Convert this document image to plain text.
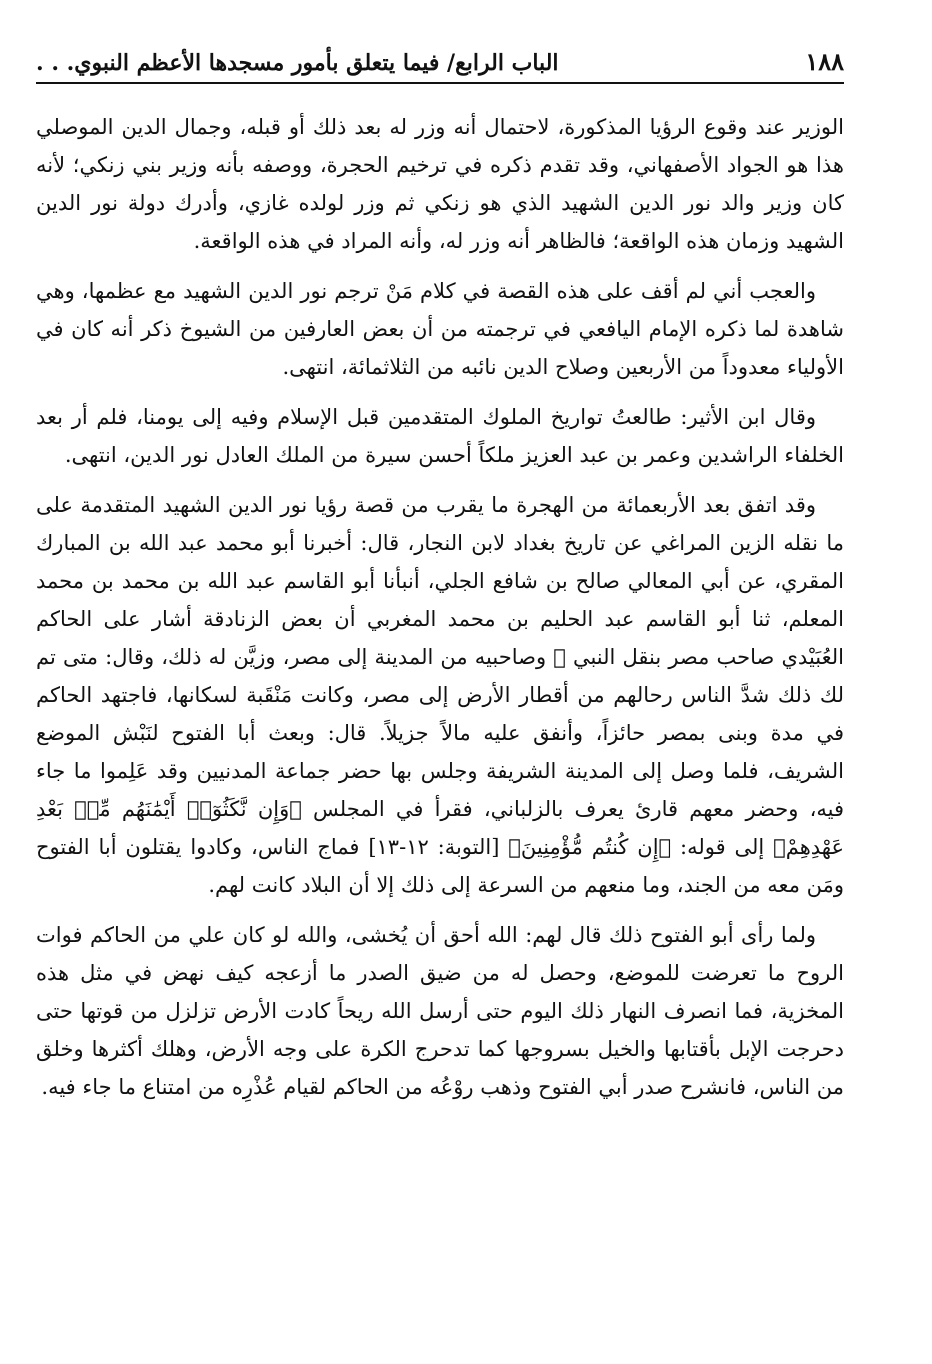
١٨٨
الباب الرابع/ فيما يتعلق بأمور مسجدها الأعظم النبوي. . .

الوزير عند وقوع الرؤيا المذكورة، لاحتمال أنه وزر له بعد ذلك أو قبله، وجمال الدين الموصلي هذا هو الجواد الأصفهاني، وقد تقدم ذكره في ترخيم الحجرة، ووصفه بأنه وزير بني زنكي؛ لأنه كان وزير والد نور الدين الشهيد الذي هو زنكي ثم وزر لولده غازي، وأدرك دولة نور الدين الشهيد وزمان هذه الواقعة؛ فالظاهر أنه وزر له، وأنه المراد في هذه الواقعة.

والعجب أني لم أقف على هذه القصة في كلام مَنْ ترجم نور الدين الشهيد مع عظمها، وهي شاهدة لما ذكره الإمام اليافعي في ترجمته من أن بعض العارفين من الشيوخ ذكر أنه كان في الأولياء معدوداً من الأربعين وصلاح الدين نائبه من الثلاثمائة، انتهى.

وقال ابن الأثير: طالعتُ تواريخ الملوك المتقدمين قبل الإسلام وفيه إلى يومنا، فلم أر بعد الخلفاء الراشدين وعمر بن عبد العزيز ملكاً أحسن سيرة من الملك العادل نور الدين، انتهى.

وقد اتفق بعد الأربعمائة من الهجرة ما يقرب من قصة رؤيا نور الدين الشهيد المتقدمة على ما نقله الزين المراغي عن تاريخ بغداد لابن النجار، قال: أخبرنا أبو محمد عبد الله بن المبارك المقري، عن أبي المعالي صالح بن شافع الجلي، أنبأنا أبو القاسم عبد الله بن محمد بن محمد المعلم، ثنا أبو القاسم عبد الحليم بن محمد المغربي أن بعض الزنادقة أشار على الحاكم العُبَيْدي صاحب مصر بنقل النبي ﷺ وصاحبيه من المدينة إلى مصر، وزيَّن له ذلك، وقال: متى تم لك ذلك شدَّ الناس رحالهم من أقطار الأرض إلى مصر، وكانت مَنْقَبة لسكانها، فاجتهد الحاكم في مدة وبنى بمصر حائزاً، وأنفق عليه مالاً جزيلاً. قال: وبعث أبا الفتوح لنَبْش الموضع الشريف، فلما وصل إلى المدينة الشريفة وجلس بها حضر جماعة المدنيين وقد عَلِموا ما جاء فيه، وحضر معهم قارئ يعرف بالزلباني، فقرأ في المجلس ﴿وَإِن نَّكَثُوٓا۟ أَيْمَٰنَهُم مِّنۢ بَعْدِ عَهْدِهِمْ﴾ إلى قوله: ﴿إِن كُنتُم مُّؤْمِنِينَ﴾ [التوبة: ١٢-١٣] فماج الناس، وكادوا يقتلون أبا الفتوح ومَن معه من الجند، وما منعهم من السرعة إلى ذلك إلا أن البلاد كانت لهم.

ولما رأى أبو الفتوح ذلك قال لهم: الله أحق أن يُخشى، والله لو كان علي من الحاكم فوات الروح ما تعرضت للموضع، وحصل له من ضيق الصدر ما أزعجه كيف نهض في مثل هذه المخزية، فما انصرف النهار ذلك اليوم حتى أرسل الله ريحاً كادت الأرض تزلزل من قوتها حتى دحرجت الإبل بأقتابها والخيل بسروجها كما تدحرج الكرة على وجه الأرض، وهلك أكثرها وخلق من الناس، فانشرح صدر أبي الفتوح وذهب روْعُه من الحاكم لقيام عُذْرِه من امتناع ما جاء فيه.
